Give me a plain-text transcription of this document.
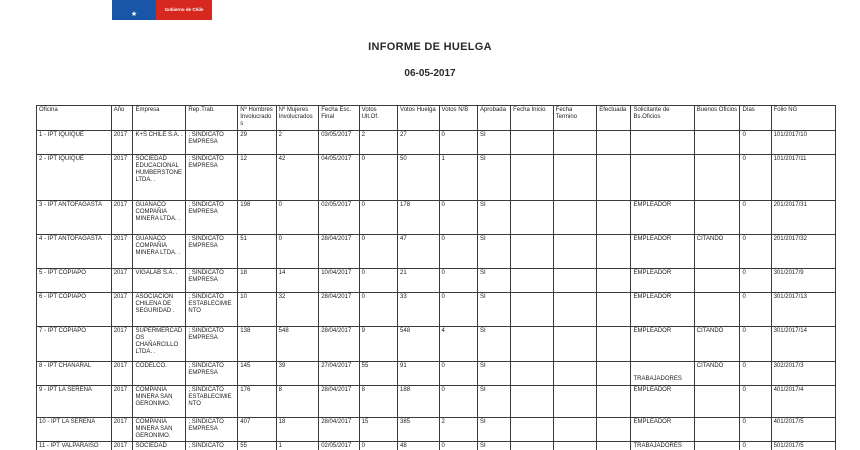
★
Gobierno de Chile
INFORME DE HUELGA
06-05-2017
Oficina	Año	Empresa	Rep.Trab.	Nº Hombres Involucrados	Nº Mujeres Involucrados	Fecha Esc. Final	Votos Ult.Of.	Votos Huelga	Votos N/B	Aprobada	Fecha Inicio	Fecha Termino	Efectuada	Solicitante de Bs.Oficios	Buenos Oficios	Días	Folio NG
1 - IPT IQUIQUE	2017	K+S CHILE S.A. .	; SINDICATO EMPRESA	29	2	03/05/2017	2	27	0	SI						0	101/2017/10
2 - IPT IQUIQUE	2017	SOCIEDAD EDUCACIONAL HUMBERSTONE LTDA. .	; SINDICATO EMPRESA	12	42	04/05/2017	0	50	1	SI						0	101/2017/11
3 - IPT ANTOFAGASTA	2017	GUANACO COMPAÑIA MINERA LTDA. .	; SINDICATO EMPRESA	198	0	02/05/2017	0	178	0	SI				EMPLEADOR		0	201/2017/31
4 - IPT ANTOFAGASTA	2017	GUANACO COMPAÑIA MINERA LTDA. .	; SINDICATO EMPRESA	51	0	28/04/2017	0	47	0	SI				EMPLEADOR	CITANDO	0	201/2017/32
5 - IPT COPIAPO	2017	VIGALAB S.A. .	; SINDICATO EMPRESA	18	14	10/04/2017	0	21	0	SI				EMPLEADOR		0	301/2017/9
6 - IPT COPIAPO	2017	ASOCIACION CHILENA DE SEGURIDAD .	; SINDICATO ESTABLECIMIENTO	10	32	28/04/2017	0	33	0	SI				EMPLEADOR		0	301/2017/13
7 - IPT COPIAPO	2017	SUPERMERCADOS CHAÑARCILLO LTDA. .	; SINDICATO EMPRESA	138	548	28/04/2017	9	548	4	SI				EMPLEADOR	CITANDO	0	301/2017/14
8 - IPT CHAÑARAL	2017	CODELCO.	; SINDICATO EMPRESA	145	39	27/04/2017	55	91	0	SI				TRABAJADORES	CITANDO	0	302/2017/3
9 - IPT LA SERENA	2017	COMPAÑIA MINERA SAN GERONIMO.	; SINDICATO ESTABLECIMIENTO	176	8	28/04/2017	8	188	0	SI				EMPLEADOR		0	401/2017/4
10 - IPT LA SERENA	2017	COMPAÑIA MINERA SAN GERONIMO.	; SINDICATO EMPRESA	407	18	28/04/2017	15	385	2	SI				EMPLEADOR		0	401/2017/5
11 - IPT VALPARAISO	2017	SOCIEDAD	; SINDICATO	55	1	02/05/2017	0	48	0	SI				TRABAJADORES		0	501/2017/5
